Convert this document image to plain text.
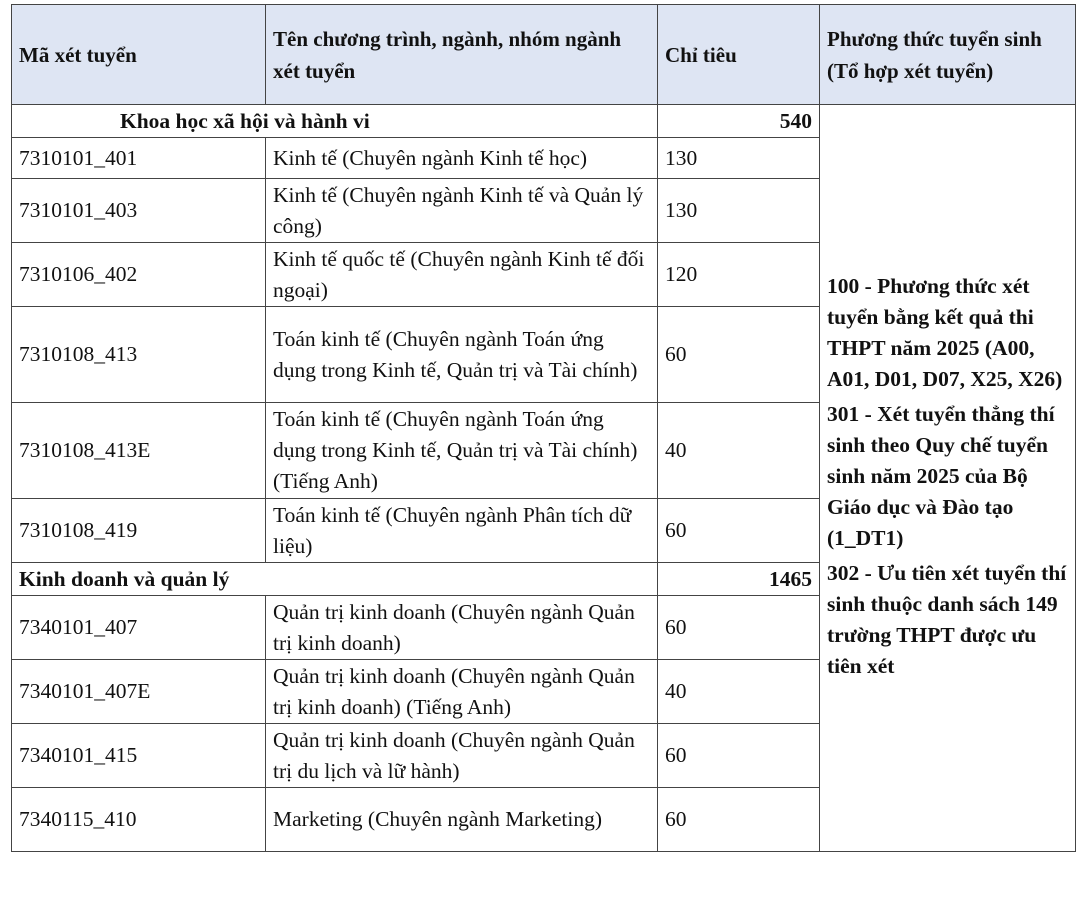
Mã xét tuyển	Tên chương trình, ngành, nhóm ngành xét tuyển	Chỉ tiêu	Phương thức tuyển sinh (Tổ hợp xét tuyển)
Khoa học xã hội và hành vi		540	100 - Phương thức xét tuyển bằng kết quả thi THPT năm 2025 (A00, A01, D01, D07, X25, X26)
301 - Xét tuyển thẳng thí sinh theo Quy chế tuyển sinh năm 2025 của Bộ Giáo dục và Đào tạo (1_DT1)
302 - Ưu tiên xét tuyển thí sinh thuộc danh sách 149 trường THPT được ưu tiên xét

7310101_401	Kinh tế (Chuyên ngành Kinh tế học)	130	
7310101_403	Kinh tế (Chuyên ngành Kinh tế và Quản lý công)	130	
7310106_402	Kinh tế quốc tế (Chuyên ngành Kinh tế đối ngoại)	120	
7310108_413	Toán kinh tế (Chuyên ngành Toán ứng dụng trong Kinh tế, Quản trị và Tài chính)	60	
7310108_413E	Toán kinh tế (Chuyên ngành Toán ứng dụng trong Kinh tế, Quản trị và Tài chính) (Tiếng Anh)	40	
7310108_419	Toán kinh tế (Chuyên ngành Phân tích dữ liệu)	60	
Kinh doanh và quản lý		1465	
7340101_407	Quản trị kinh doanh (Chuyên ngành Quản trị kinh doanh)	60	
7340101_407E	Quản trị kinh doanh (Chuyên ngành Quản trị kinh doanh) (Tiếng Anh)	40	
7340101_415	Quản trị kinh doanh (Chuyên ngành Quản trị du lịch và lữ hành)	60	
7340115_410	Marketing (Chuyên ngành Marketing)	60	
